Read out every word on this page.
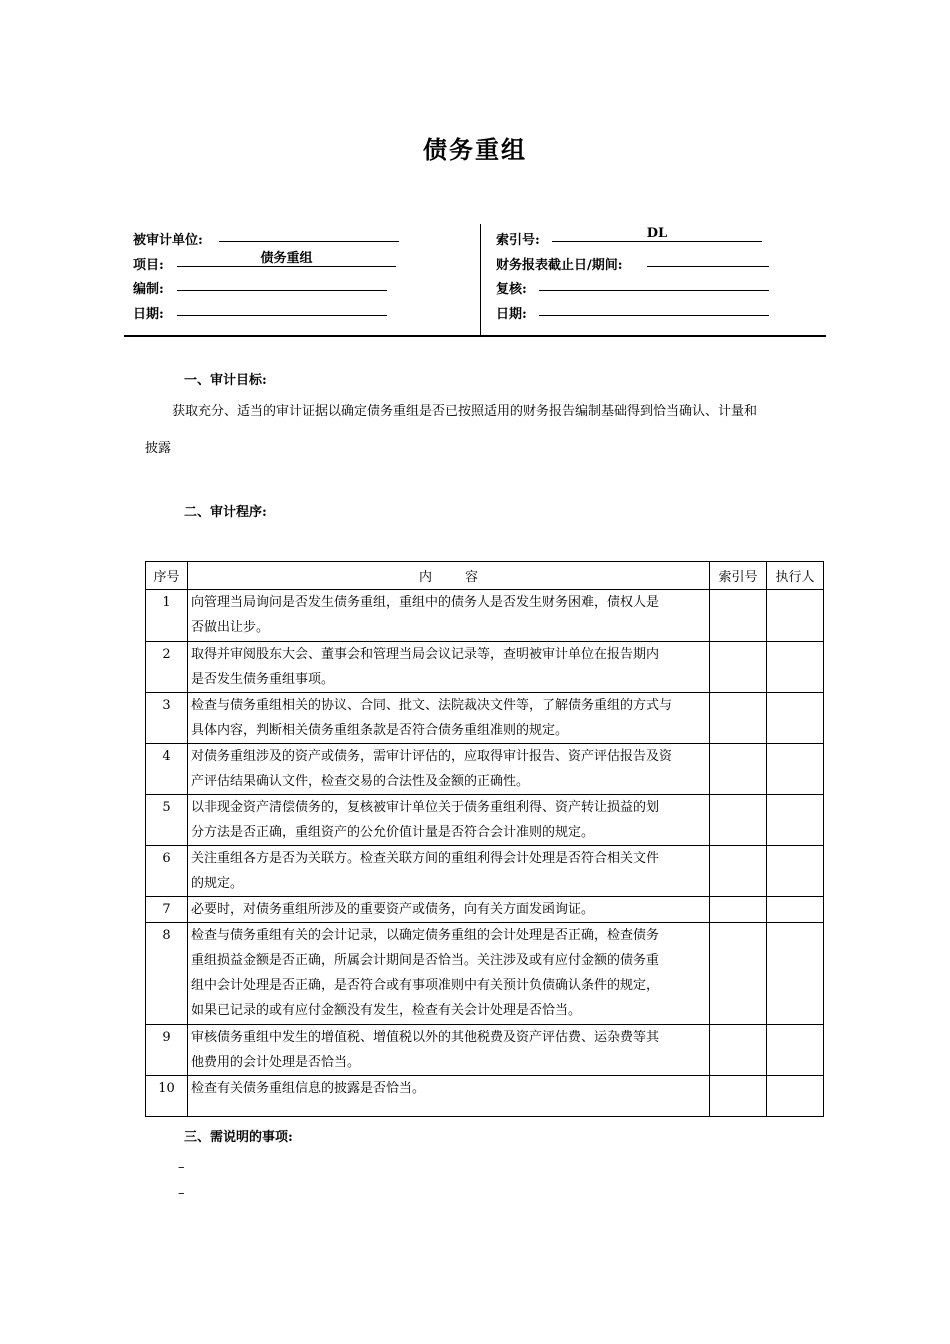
债务重组
被审计单位:
项目:	债务重组
编制:
日期:
索引号:	DL
财务报表截止日/期间:
复核:
日期:
一、审计目标:
获取充分、适当的审计证据以确定债务重组是否已按照适用的财务报告编制基础得到恰当确认、计量和
披露
二、审计程序:
序号	内        容	索引号	执行人
1	向管理当局询问是否发生债务重组，重组中的债务人是否发生财务困难，债权人是
否做出让步。		

2	取得并审阅股东大会、董事会和管理当局会议记录等，查明被审计单位在报告期内
是否发生债务重组事项。		

3	检查与债务重组相关的协议、合同、批文、法院裁决文件等，了解债务重组的方式与
具体内容，判断相关债务重组条款是否符合债务重组准则的规定。		

4	对债务重组涉及的资产或债务，需审计评估的，应取得审计报告、资产评估报告及资
产评估结果确认文件，检查交易的合法性及金额的正确性。		

5	以非现金资产清偿债务的，复核被审计单位关于债务重组利得、资产转让损益的划
分方法是否正确，重组资产的公允价值计量是否符合会计准则的规定。		

6	关注重组各方是否为关联方。检查关联方间的重组利得会计处理是否符合相关文件
的规定。		

7	必要时，对债务重组所涉及的重要资产或债务，向有关方面发函询证。		

8	检查与债务重组有关的会计记录，以确定债务重组的会计处理是否正确，检查债务
重组损益金额是否正确，所属会计期间是否恰当。关注涉及或有应付金额的债务重
组中会计处理是否正确，是否符合或有事项准则中有关预计负债确认条件的规定，
如果已记录的或有应付金额没有发生，检查有关会计处理是否恰当。		

9	审核债务重组中发生的增值税、增值税以外的其他税费及资产评估费、运杂费等其
他费用的会计处理是否恰当。		

10	检查有关债务重组信息的披露是否恰当。		

三、需说明的事项:
–
–
